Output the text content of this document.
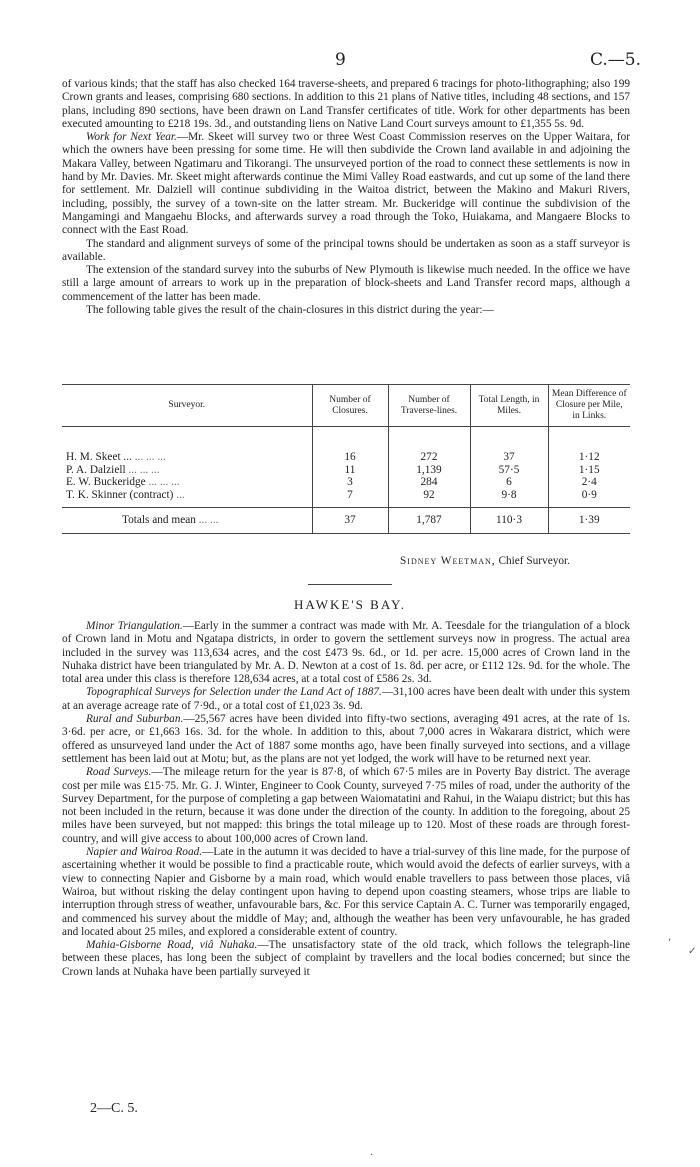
9	C.—5.

of various kinds; that the staff has also checked 164 traverse-sheets, and prepared 6 tracings for photo-lithographing; also 199 Crown grants and leases, comprising 680 sections. In addition to this 21 plans of Native titles, including 48 sections, and 157 plans, including 890 sections, have been drawn on Land Transfer certificates of title. Work for other departments has been executed amounting to £218 19s. 3d., and outstanding liens on Native Land Court surveys amount to £1,355 5s. 9d.

Work for Next Year.—Mr. Skeet will survey two or three West Coast Commission reserves on the Upper Waitara, for which the owners have been pressing for some time. He will then subdivide the Crown land available in and adjoining the Makara Valley, between Ngatimaru and Tikorangi. The unsurveyed portion of the road to connect these settlements is now in hand by Mr. Davies. Mr. Skeet might afterwards continue the Mimi Valley Road eastwards, and cut up some of the land there for settlement. Mr. Dalziell will continue subdividing in the Waitoa district, between the Makino and Makuri Rivers, including, possibly, the survey of a town-site on the latter stream. Mr. Buckeridge will continue the subdivision of the Mangamingi and Mangaehu Blocks, and afterwards survey a road through the Toko, Huiakama, and Mangaere Blocks to connect with the East Road.

The standard and alignment surveys of some of the principal towns should be undertaken as soon as a staff surveyor is available.

The extension of the standard survey into the suburbs of New Plymouth is likewise much needed. In the office we have still a large amount of arrears to work up in the preparation of block-sheets and Land Transfer record maps, although a commencement of the latter has been made.

The following table gives the result of the chain-closures in this district during the year:—

Surveyor.	Number of Closures.	Number of Traverse-lines.	Total Length, in Miles.	Mean Difference of Closure per Mile, in Links.
H. M. Skeet ... ... ... ...	16	272	37	1·12
P. A. Dalziell ... ... ...	11	1,139	57·5	1·15
E. W. Buckeridge ... ... ...	3	284	6	2·4
T. K. Skinner (contract) ...	7	92	9·8	0·9
Totals and mean ... ...	37	1,787	110·3	1·39
Sidney Weetman, Chief Surveyor.
HAWKE'S BAY.

Minor Triangulation.—Early in the summer a contract was made with Mr. A. Teesdale for the triangulation of a block of Crown land in Motu and Ngatapa districts, in order to govern the settlement surveys now in progress. The actual area included in the survey was 113,634 acres, and the cost £473 9s. 6d., or 1d. per acre. 15,000 acres of Crown land in the Nuhaka district have been triangulated by Mr. A. D. Newton at a cost of 1s. 8d. per acre, or £112 12s. 9d. for the whole. The total area under this class is therefore 128,634 acres, at a total cost of £586 2s. 3d.

Topographical Surveys for Selection under the Land Act of 1887.—31,100 acres have been dealt with under this system at an average acreage rate of 7·9d., or a total cost of £1,023 3s. 9d.

Rural and Suburban.—25,567 acres have been divided into fifty-two sections, averaging 491 acres, at the rate of 1s. 3·6d. per acre, or £1,663 16s. 3d. for the whole. In addition to this, about 7,000 acres in Wakarara district, which were offered as unsurveyed land under the Act of 1887 some months ago, have been finally surveyed into sections, and a village settlement has been laid out at Motu; but, as the plans are not yet lodged, the work will have to be returned next year.

Road Surveys.—The mileage return for the year is 87·8, of which 67·5 miles are in Poverty Bay district. The average cost per mile was £15·75. Mr. G. J. Winter, Engineer to Cook County, surveyed 7·75 miles of road, under the authority of the Survey Department, for the purpose of completing a gap between Waiomatatini and Rahui, in the Waiapu district; but this has not been included in the return, because it was done under the direction of the county. In addition to the foregoing, about 25 miles have been surveyed, but not mapped: this brings the total mileage up to 120. Most of these roads are through forest-country, and will give access to about 100,000 acres of Crown land.

Napier and Wairoa Road.—Late in the autumn it was decided to have a trial-survey of this line made, for the purpose of ascertaining whether it would be possible to find a practicable route, which would avoid the defects of earlier surveys, with a view to connecting Napier and Gisborne by a main road, which would enable travellers to pass between those places, viâ Wairoa, but without risking the delay contingent upon having to depend upon coasting steamers, whose trips are liable to interruption through stress of weather, unfavourable bars, &c. For this service Captain A. C. Turner was temporarily engaged, and commenced his survey about the middle of May; and, although the weather has been very unfavourable, he has graded and located about 25 miles, and explored a considerable extent of country.

Mahia-Gisborne Road, viâ Nuhaka.—The unsatisfactory state of the old track, which follows the telegraph-line between these places, has long been the subject of complaint by travellers and the local bodies concerned; but since the Crown lands at Nuhaka have been partially surveyed it

2—C. 5.
‚
✓
·
